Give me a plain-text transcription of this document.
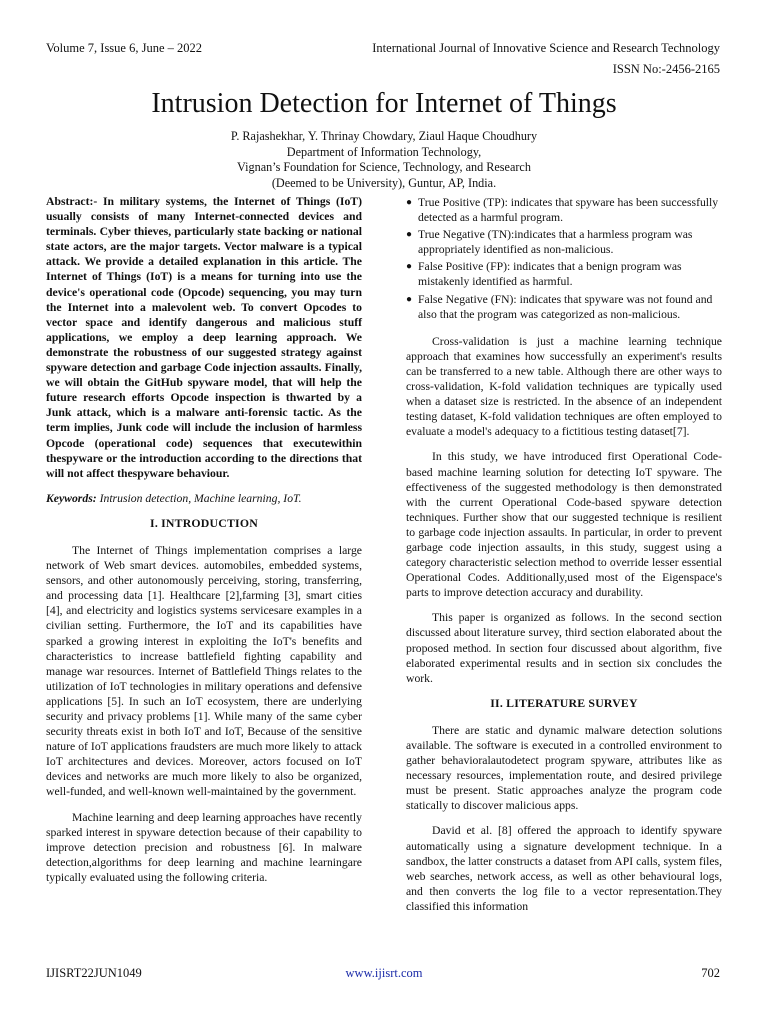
Volume 7, Issue 6, June – 2022	International Journal of Innovative Science and Research Technology
ISSN No:-2456-2165
Intrusion Detection for Internet of Things
P. Rajashekhar, Y. Thrinay Chowdary, Ziaul Haque Choudhury
Department of Information Technology,
Vignan’s Foundation for Science, Technology, and Research
(Deemed to be University), Guntur, AP, India.

Abstract:- In military systems, the Internet of Things (IoT) usually consists of many Internet-connected devices and terminals. Cyber thieves, particularly state backing or national state actors, are the major targets. Vector malware is a typical attack. We provide a detailed explanation in this article. The Internet of Things (IoT) is a means for turning into use the device's operational code (Opcode) sequencing, you may turn the Internet into a malevolent web. To convert Opcodes to vector space and identify dangerous and malicious stuff applications, we employ a deep learning approach. We demonstrate the robustness of our suggested strategy against spyware detection and garbage Code injection assaults. Finally, we will obtain the GitHub spyware model, that will help the future research efforts Opcode inspection is thwarted by a Junk attack, which is a malware anti-forensic tactic. As the term implies, Junk code will include the inclusion of harmless Opcode (operational code) sequences that executewithin thespyware or the introduction according to the directions that will not affect thespyware behaviour.

Keywords: Intrusion detection, Machine learning, IoT.

I. INTRODUCTION

The Internet of Things implementation comprises a large network of Web smart devices. automobiles, embedded systems, sensors, and other autonomously perceiving, storing, transferring, and processing data [1]. Healthcare [2],farming [3], smart cities [4], and electricity and logistics systems servicesare examples in a civilian setting. Furthermore, the IoT and its capabilities have sparked a growing interest in exploiting the IoT's benefits and characteristics to increase battlefield fighting capability and manage war resources. Internet of Battlefield Things relates to the utilization of IoT technologies in military operations and defensive applications [5]. In such an IoT ecosystem, there are underlying security and privacy problems [1]. While many of the same cyber security threats exist in both IoT and IoT, Because of the sensitive nature of IoT applications fraudsters are much more likely to attack IoT architectures and devices. Moreover, actors focused on IoT devices and networks are much more likely to also be organized, well-funded, and well-known well-maintained by the government.

Machine learning and deep learning approaches have recently sparked interest in spyware detection because of their capability to improve detection precision and robustness [6]. In malware detection,algorithms for deep learning and machine learningare typically evaluated using the following criteria.

● True Positive (TP): indicates that spyware has been successfully detected as a harmful program.
● True Negative (TN):indicates that a harmless program was appropriately identified as non-malicious.
● False Positive (FP): indicates that a benign program was mistakenly identified as harmful.
● False Negative (FN): indicates that spyware was not found and also that the program was categorized as non-malicious.

Cross-validation is just a machine learning technique approach that examines how successfully an experiment's results can be transferred to a new table. Although there are other ways to cross-validation, K-fold validation techniques are typically used when a dataset size is restricted. In the absence of an independent testing dataset, K-fold validation techniques are often employed to evaluate a model's adequacy to a fictitious testing dataset[7].

In this study, we have introduced first Operational Code-based machine learning solution for detecting IoT spyware. The effectiveness of the suggested methodology is then demonstrated with the current Operational Code-based spyware detection techniques. Further show that our suggested technique is resilient to garbage code injection assaults. In particular, in order to prevent garbage code injection assaults, in this study, suggest using a category characteristic selection method to override lesser essential Operational Codes. Additionally,used most of the Eigenspace's parts to improve detection accuracy and durability.

This paper is organized as follows. In the second section discussed about literature survey, third section elaborated about the proposed method. In section four discussed about algorithm, five elaborated experimental results and in section six concludes the work.

II. LITERATURE SURVEY

There are static and dynamic malware detection solutions available. The software is executed in a controlled environment to gather behavioralautodetect program spyware, attributes like as necessary resources, implementation route, and desired privilege must be present. Static approaches analyze the program code statically to discover malicious apps.

David et al. [8] offered the approach to identify spyware automatically using a signature development technique. In a sandbox, the latter constructs a dataset from API calls, system files, web searches, network access, as well as other behavioural logs, and then converts the log file to a vector representation.They classified this information

IJISRT22JUN1049	www.ijisrt.com	702
